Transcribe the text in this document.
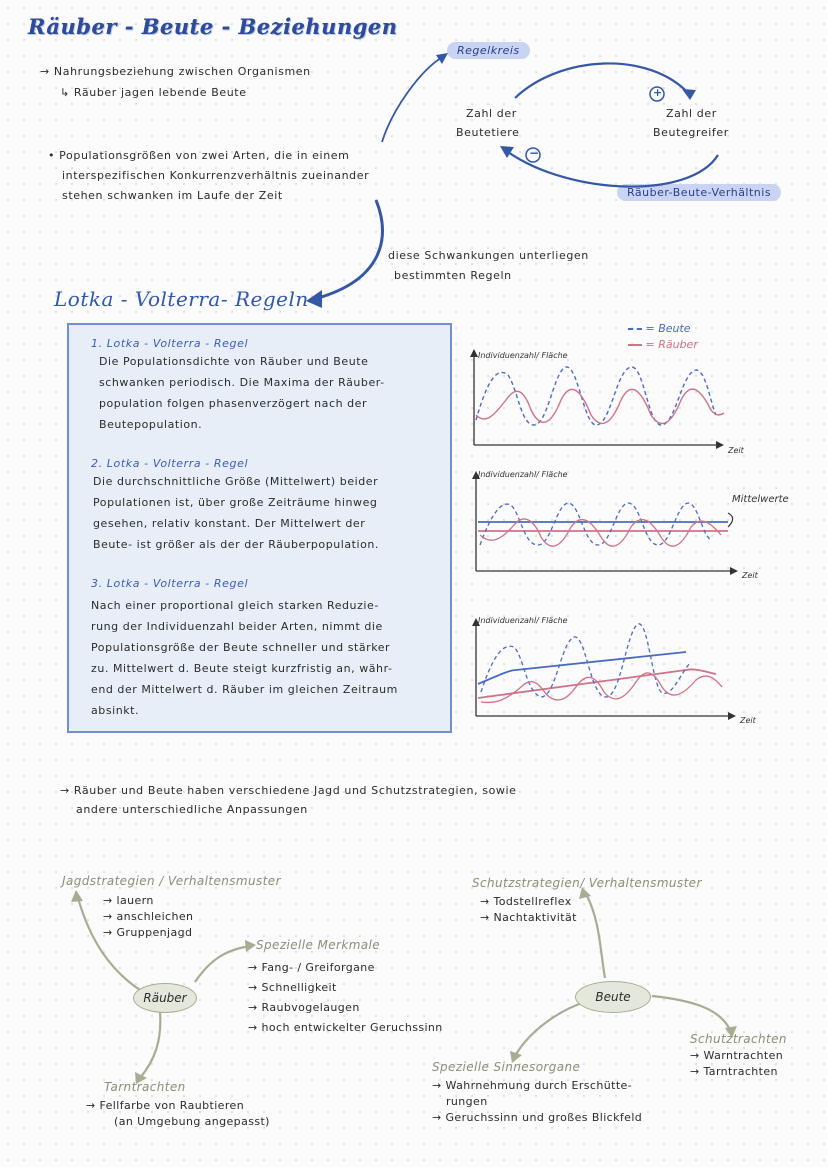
Räuber - Beute - Beziehungen
→ Nahrungsbeziehung zwischen Organismen
↳ Räuber jagen lebende Beute
• Populationsgrößen von zwei Arten, die in einem
interspezifischen Konkurrenzverhältnis zueinander
stehen schwanken im Laufe der Zeit
diese Schwankungen unterliegen
bestimmten Regeln
Regelkreis
Zahl der
Beutetiere
Zahl der
Beutegreifer
Räuber-Beute-Verhältnis
+
−
Lotka - Volterra- Regeln
1. Lotka - Volterra - Regel
Die Populationsdichte von Räuber und Beute
schwanken periodisch. Die Maxima der Räuber-
population folgen phasenverzögert nach der
Beutepopulation.
2. Lotka - Volterra - Regel
Die durchschnittliche Größe (Mittelwert) beider
Populationen ist, über große Zeiträume hinweg
gesehen, relativ konstant. Der Mittelwert der
Beute- ist größer als der der Räuberpopulation.
3. Lotka - Volterra - Regel
Nach einer proportional gleich starken Reduzie-
rung der Individuenzahl beider Arten, nimmt die
Populationsgröße der Beute schneller und stärker
zu. Mittelwert d. Beute steigt kurzfristig an, währ-
end der Mittelwert d. Räuber im gleichen Zeitraum
absinkt.
= Beute
= Räuber
Individuenzahl/ Fläche
Zeit
Individuenzahl/ Fläche
Zeit
Mittelwerte
Individuenzahl/ Fläche
Zeit
→ Räuber und Beute haben verschiedene Jagd und Schutzstrategien, sowie
andere unterschiedliche Anpassungen
Jagdstrategien / Verhaltensmuster
→ lauern
→ anschleichen
→ Gruppenjagd
Spezielle Merkmale
→ Fang- / Greiforgane
→ Schnelligkeit
→ Raubvogelaugen
→ hoch entwickelter Geruchssinn
Räuber
Tarntrachten
→ Fellfarbe von Raubtieren
(an Umgebung angepasst)
Schutzstrategien/ Verhaltensmuster
→ Todstellreflex
→ Nachtaktivität
Beute
Schutztrachten
→ Warntrachten
→ Tarntrachten
Spezielle Sinnesorgane
→ Wahrnehmung durch Erschütte-
rungen
→ Geruchssinn und großes Blickfeld
